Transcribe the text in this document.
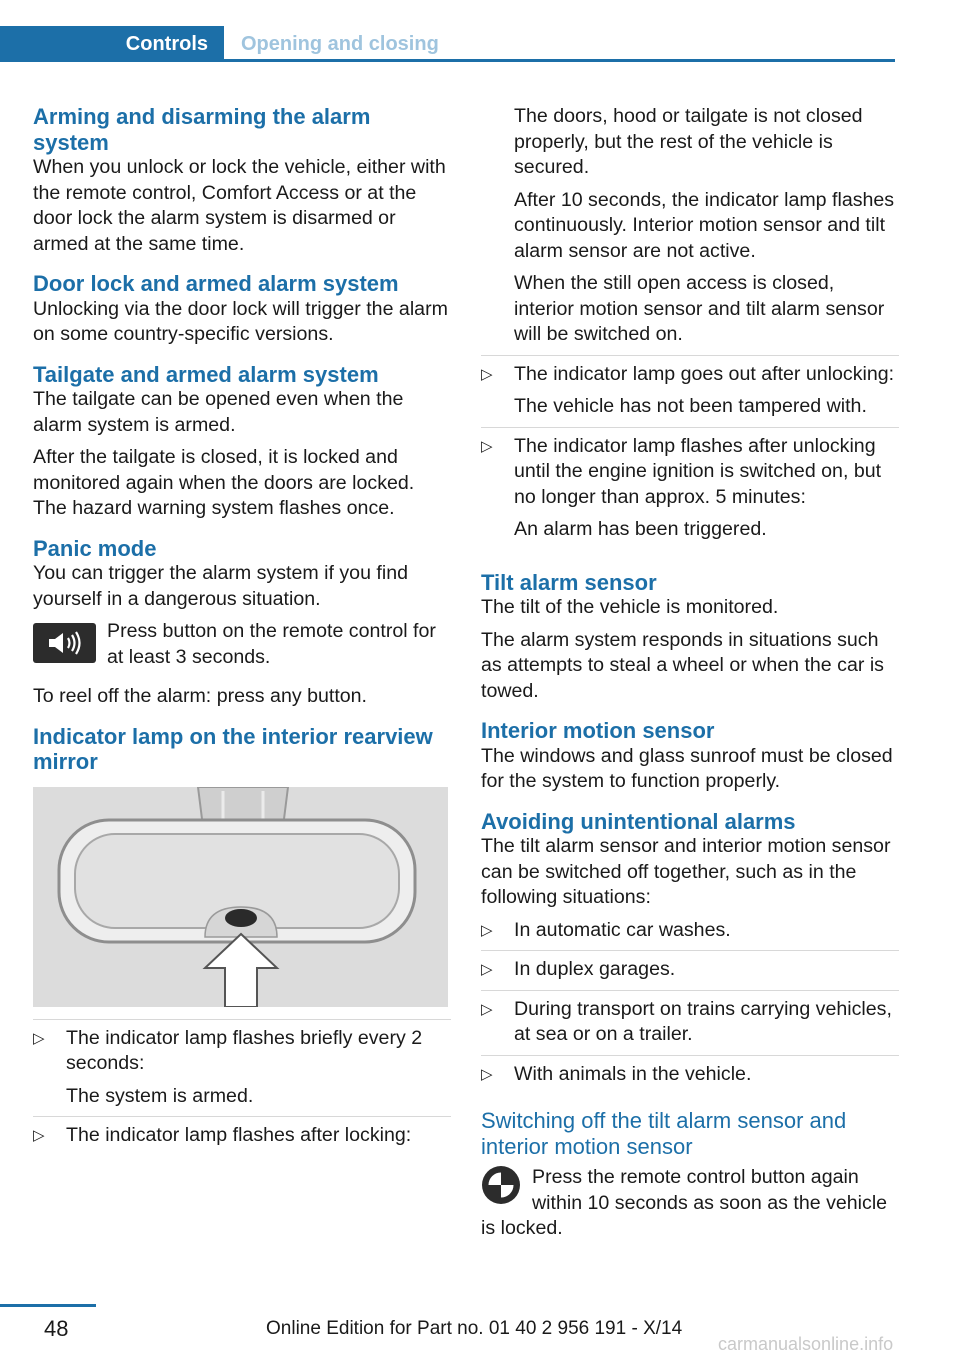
Controls	Opening and closing
Arming and disarming the alarm system

When you unlock or lock the vehicle, either with the remote control, Comfort Access or at the door lock the alarm system is disarmed or armed at the same time.

Door lock and armed alarm system

Unlocking via the door lock will trigger the alarm on some country-specific versions.

Tailgate and armed alarm system

The tailgate can be opened even when the alarm system is armed.

After the tailgate is closed, it is locked and monitored again when the doors are locked. The hazard warning system flashes once.

Panic mode

You can trigger the alarm system if you find yourself in a dangerous situation.

Press button on the remote control for at least 3 seconds.

To reel off the alarm: press any button.

Indicator lamp on the interior rearview mirror
▷	The indicator lamp flashes briefly every 2 seconds:

The system is armed.

▷	The indicator lamp flashes after locking:

The doors, hood or tailgate is not closed properly, but the rest of the vehicle is secured.

After 10 seconds, the indicator lamp flashes continuously. Interior motion sensor and tilt alarm sensor are not active.

When the still open access is closed, interior motion sensor and tilt alarm sensor will be switched on.

▷	The indicator lamp goes out after unlocking:

The vehicle has not been tampered with.

▷	The indicator lamp flashes after unlocking until the engine ignition is switched on, but no longer than approx. 5 minutes:

An alarm has been triggered.

Tilt alarm sensor

The tilt of the vehicle is monitored.

The alarm system responds in situations such as attempts to steal a wheel or when the car is towed.

Interior motion sensor

The windows and glass sunroof must be closed for the system to function properly.

Avoiding unintentional alarms

The tilt alarm sensor and interior motion sensor can be switched off together, such as in the following situations:

▷	In automatic car washes.

▷	In duplex garages.

▷	During transport on trains carrying vehicles, at sea or on a trailer.

▷	With animals in the vehicle.

Switching off the tilt alarm sensor and interior motion sensor

Press the remote control button again within 10 seconds as soon as the vehicle is locked.

48	Online Edition for Part no. 01 40 2 956 191 - X/14
carmanualsonline.info
